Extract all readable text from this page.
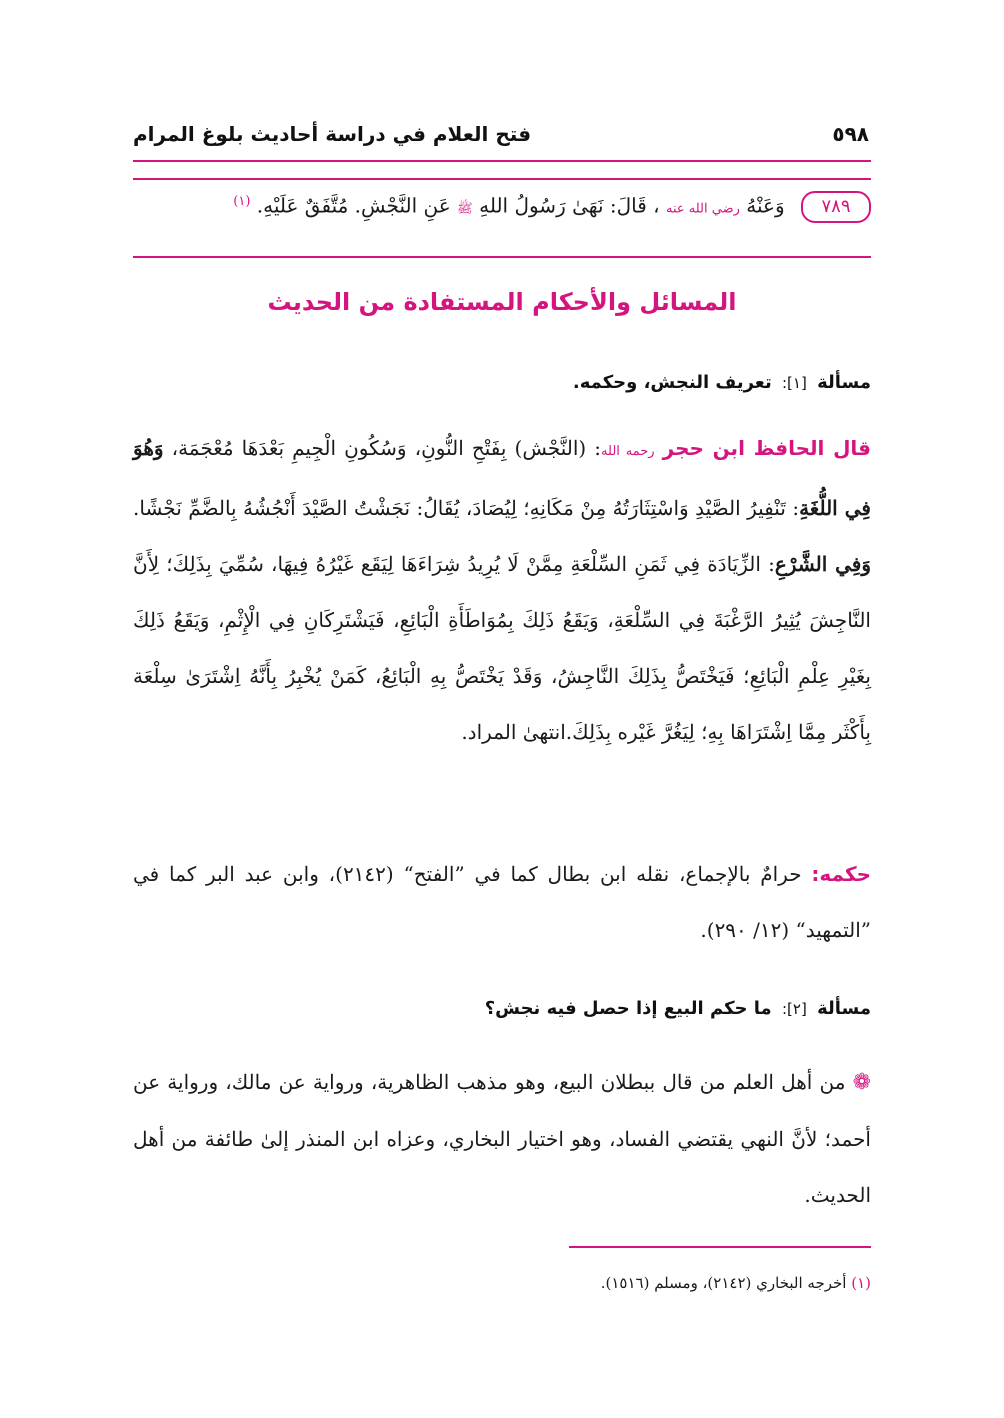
فتح العلام في دراسة أحاديث بلوغ المرام	٥٩٨
٧٨٩ وَعَنْهُ رضي الله عنه ، قَالَ: نَهَىٰ رَسُولُ اللهِ ﷺ عَنِ النَّجْشِ. مُتَّفَقٌ عَلَيْهِ. $^{(١)}$
المسائل والأحكام المستفادة من الحديث
مسألة [١]: تعريف النجش، وحكمه.
قال الحافظ ابن حجر رحمه الله: (النَّجْش) بِفَتْحِ النُّونِ، وَسُكُونِ الْجِيمِ بَعْدَهَا مُعْجَمَة، وَهُوَ فِي اللُّغَةِ: تَنْفِيرُ الصَّيْدِ وَاسْتِثَارَتُهُ مِنْ مَكَانِهِ؛ لِيُصَادَ، يُقَالُ: نَجَشْتُ الصَّيْدَ أَنْجُشُهُ بِالضَّمِّ نَجْشًا. وَفِي الشَّرْعِ: الزِّيَادَة فِي ثَمَنِ السِّلْعَةِ مِمَّنْ لَا يُرِيدُ شِرَاءَهَا لِيَقَع غَيْرُهُ فِيهَا، سُمِّيَ بِذَلِكَ؛ لِأَنَّ النَّاجِشَ يُثِيرُ الرَّغْبَةَ فِي السِّلْعَةِ، وَيَقَعُ ذَلِكَ بِمُوَاطَأَةِ الْبَائِعِ، فَيَشْتَرِكَانِ فِي الْإِثْمِ، وَيَقَعُ ذَلِكَ بِغَيْرِ عِلْمِ الْبَائِعِ؛ فَيَخْتَصُّ بِذَلِكَ النَّاجِشُ، وَقَدْ يَخْتَصُّ بِهِ الْبَائِعُ، كَمَنْ يُخْبِرُ بِأَنَّهُ اِشْتَرَىٰ سِلْعَة بِأَكْثَر مِمَّا اِشْتَرَاهَا بِهِ؛ لِيَغُرَّ غَيْره بِذَلِكَ.انتهىٰ المراد.
حكمه: حرامٌ بالإجماع، نقله ابن بطال كما في ”الفتح“ (٢١٤٢)، وابن عبد البر كما في ”التمهيد“ (١٢/ ٢٩٠).
مسألة [٢]: ما حكم البيع إذا حصل فيه نجش؟
❁ من أهل العلم من قال ببطلان البيع، وهو مذهب الظاهرية، ورواية عن مالك، ورواية عن أحمد؛ لأنَّ النهي يقتضي الفساد، وهو اختيار البخاري، وعزاه ابن المنذر إلىٰ طائفة من أهل الحديث.
(١) أخرجه البخاري (٢١٤٢)، ومسلم (١٥١٦).
